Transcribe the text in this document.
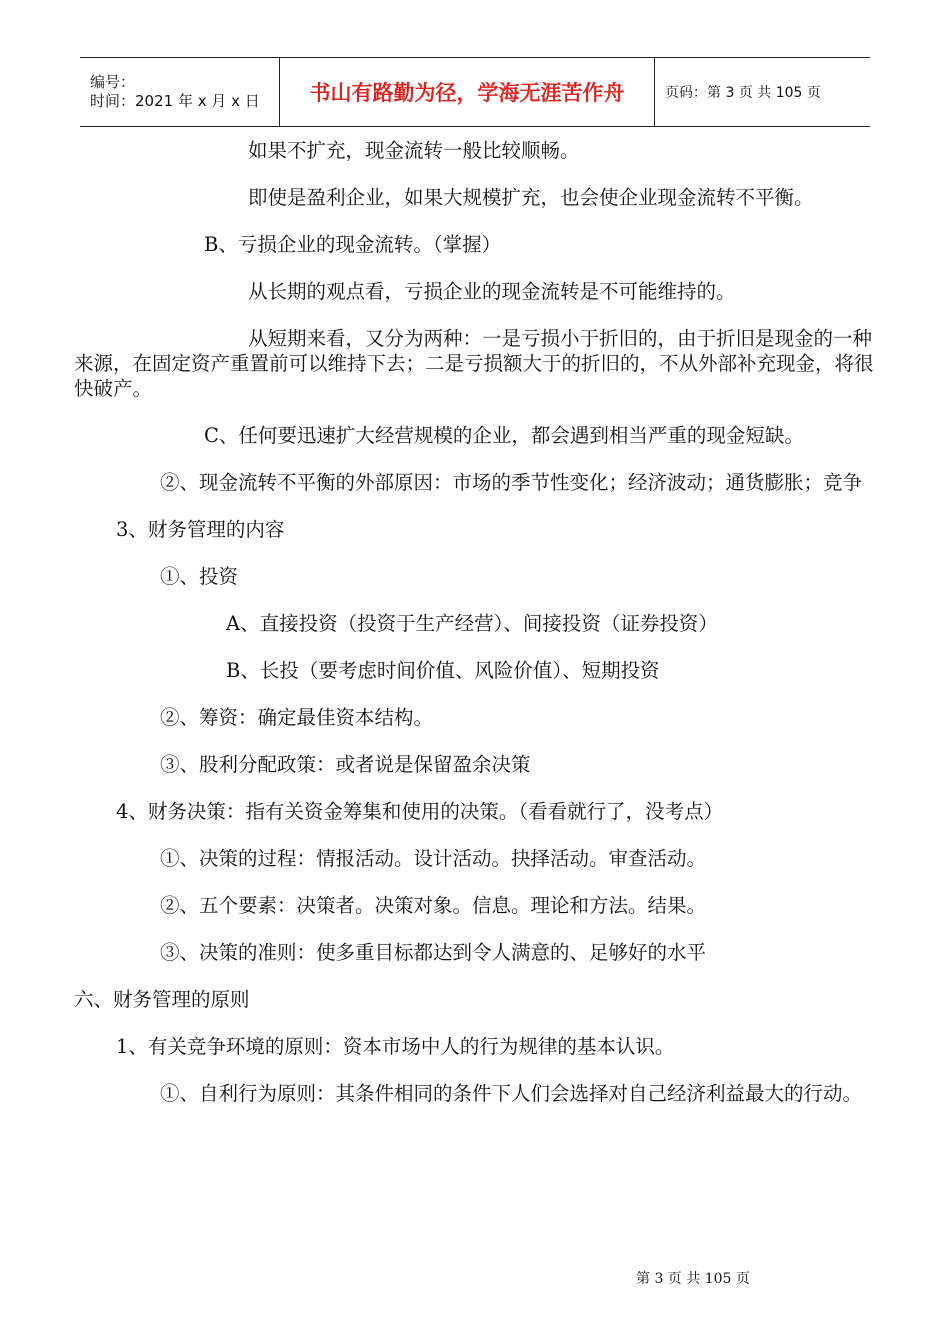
编号：
时间：2021 年 x 月 x 日	书山有路勤为径，学海无涯苦作舟	页码：第 3 页 共 105 页

如果不扩充，现金流转一般比较顺畅。

即使是盈利企业，如果大规模扩充，也会使企业现金流转不平衡。

B、亏损企业的现金流转。（掌握）

从长期的观点看，亏损企业的现金流转是不可能维持的。

从短期来看，又分为两种：一是亏损小于折旧的，由于折旧是现金的一种来源，在固定资产重置前可以维持下去；二是亏损额大于的折旧的，不从外部补充现金，将很快破产。

C、任何要迅速扩大经营规模的企业，都会遇到相当严重的现金短缺。

②、现金流转不平衡的外部原因：市场的季节性变化；经济波动；通货膨胀；竞争

3、财务管理的内容

①、投资

A、直接投资（投资于生产经营）、间接投资（证券投资）

B、长投（要考虑时间价值、风险价值）、短期投资

②、筹资：确定最佳资本结构。

③、股利分配政策：或者说是保留盈余决策

4、财务决策：指有关资金筹集和使用的决策。（看看就行了，没考点）

①、决策的过程：情报活动。设计活动。抉择活动。审查活动。

②、五个要素：决策者。决策对象。信息。理论和方法。结果。

③、决策的准则：使多重目标都达到令人满意的、足够好的水平

六、财务管理的原则

1、有关竞争环境的原则：资本市场中人的行为规律的基本认识。

①、自利行为原则：其条件相同的条件下人们会选择对自己经济利益最大的行动。

第 3 页 共 105 页
